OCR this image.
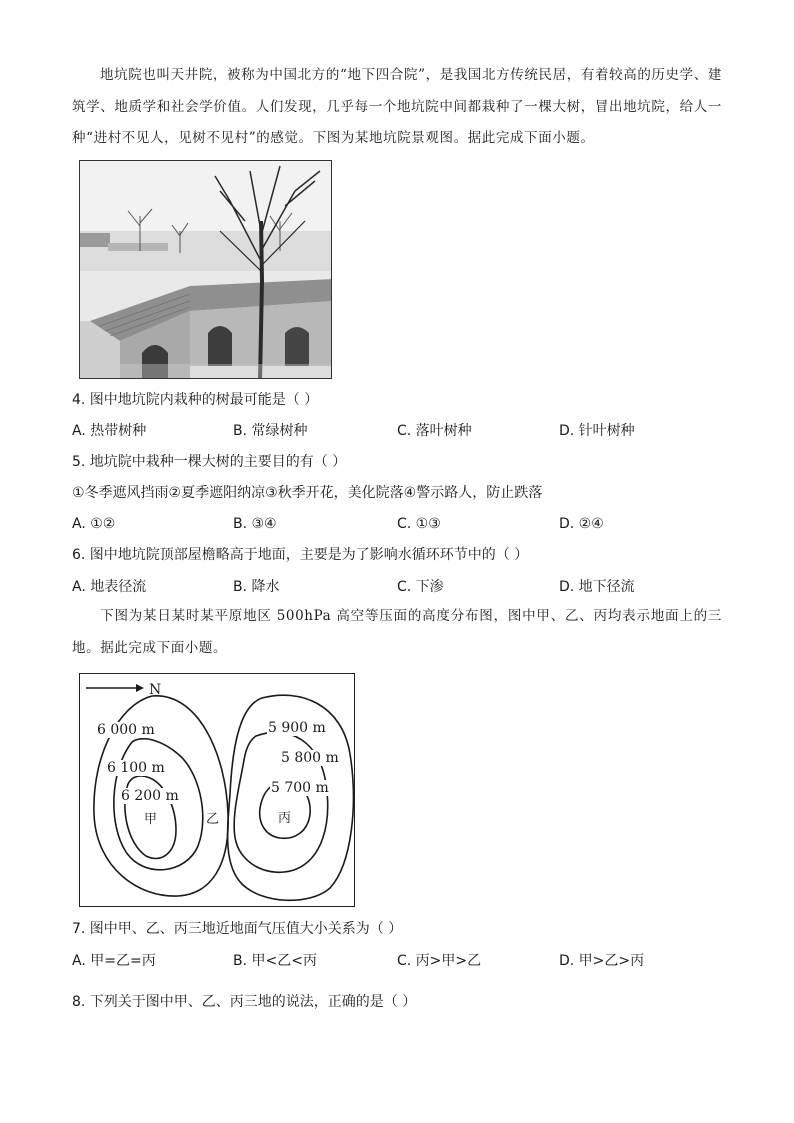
地坑院也叫天井院，被称为中国北方的“地下四合院”，是我国北方传统民居，有着较高的历史学、建筑学、地质学和社会学价值。人们发现，几乎每一个地坑院中间都栽种了一棵大树，冒出地坑院，给人一种“进村不见人，见树不见村”的感觉。下图为某地坑院景观图。据此完成下面小题。
4. 图中地坑院内栽种的树最可能是（ ）
A. 热带树种	B. 常绿树种	C. 落叶树种	D. 针叶树种
5. 地坑院中栽种一棵大树的主要目的有（ ）
①冬季遮风挡雨②夏季遮阳纳凉③秋季开花，美化院落④警示路人，防止跌落
A. ①②	B. ③④	C. ①③	D. ②④
6. 图中地坑院顶部屋檐略高于地面，主要是为了影响水循环环节中的（ ）
A. 地表径流	B. 降水	C. 下渗	D. 地下径流
下图为某日某时某平原地区 500hPa 高空等压面的高度分布图，图中甲、乙、丙均表示地面上的三地。据此完成下面小题。
N
6 000 m
6 100 m
6 200 m
5 900 m
5 800 m
5 700 m
甲	乙	丙
7. 图中甲、乙、丙三地近地面气压值大小关系为（ ）
A. 甲=乙=丙	B. 甲<乙<丙	C. 丙>甲>乙	D. 甲>乙>丙
8. 下列关于图中甲、乙、丙三地的说法，正确的是（ ）
